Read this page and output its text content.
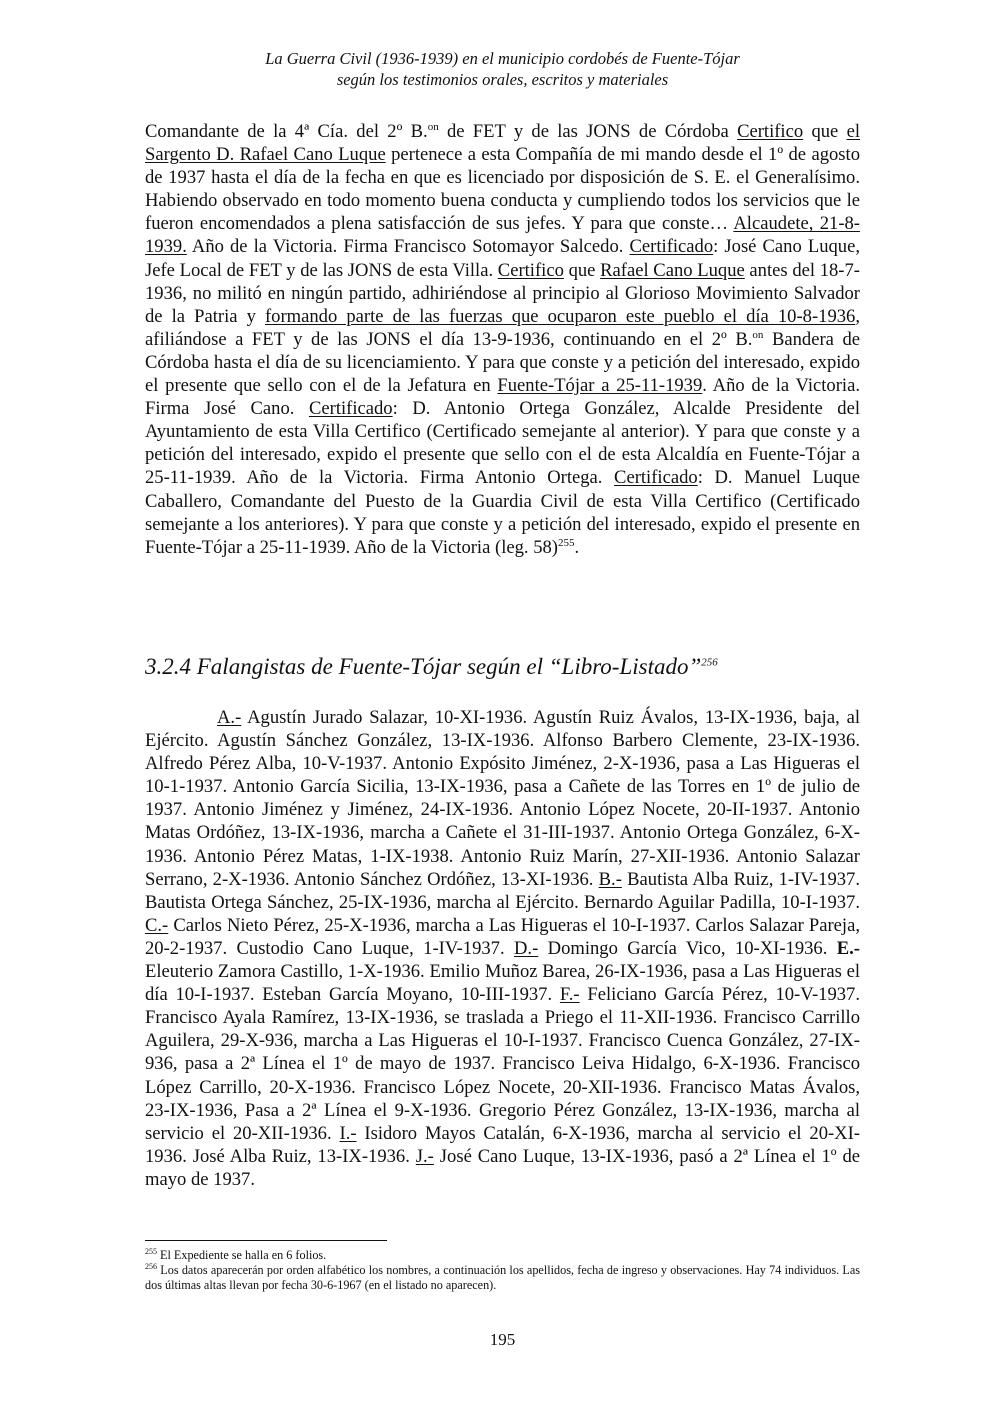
La Guerra Civil (1936-1939) en el municipio cordobés de Fuente-Tójar
según los testimonios orales, escritos y materiales

Comandante de la 4ª Cía. del 2º B.$^{on}$ de FET y de las JONS de Córdoba Certifico que el Sargento D. Rafael Cano Luque pertenece a esta Compañía de mi mando desde el 1º de agosto de 1937 hasta el día de la fecha en que es licenciado por disposición de S. E. el Generalísimo. Habiendo observado en todo momento buena conducta y cumpliendo todos los servicios que le fueron encomendados a plena satisfacción de sus jefes. Y para que conste… Alcaudete, 21-8-1939. Año de la Victoria. Firma Francisco Sotomayor Salcedo. Certificado: José Cano Luque, Jefe Local de FET y de las JONS de esta Villa. Certifico que Rafael Cano Luque antes del 18-7-1936, no militó en ningún partido, adhiriéndose al principio al Glorioso Movimiento Salvador de la Patria y formando parte de las fuerzas que ocuparon este pueblo el día 10-8-1936, afiliándose a FET y de las JONS el día 13-9-1936, continuando en el 2º B.$^{on}$ Bandera de Córdoba hasta el día de su licenciamiento. Y para que conste y a petición del interesado, expido el presente que sello con el de la Jefatura en Fuente-Tójar a 25-11-1939. Año de la Victoria. Firma José Cano. Certificado: D. Antonio Ortega González, Alcalde Presidente del Ayuntamiento de esta Villa Certifico (Certificado semejante al anterior). Y para que conste y a petición del interesado, expido el presente que sello con el de esta Alcaldía en Fuente-Tójar a 25-11-1939. Año de la Victoria. Firma Antonio Ortega. Certificado: D. Manuel Luque Caballero, Comandante del Puesto de la Guardia Civil de esta Villa Certifico (Certificado semejante a los anteriores). Y para que conste y a petición del interesado, expido el presente en Fuente-Tójar a 25-11-1939. Año de la Victoria (leg. 58)$^{255}$.

3.2.4 Falangistas de Fuente-Tójar según el “Libro-Listado”$^{256}$

A.- Agustín Jurado Salazar, 10-XI-1936. Agustín Ruiz Ávalos, 13-IX-1936, baja, al Ejército. Agustín Sánchez González, 13-IX-1936. Alfonso Barbero Clemente, 23-IX-1936. Alfredo Pérez Alba, 10-V-1937. Antonio Expósito Jiménez, 2-X-1936, pasa a Las Higueras el 10-1-1937. Antonio García Sicilia, 13-IX-1936, pasa a Cañete de las Torres en 1º de julio de 1937. Antonio Jiménez y Jiménez, 24-IX-1936. Antonio López Nocete, 20-II-1937. Antonio Matas Ordóñez, 13-IX-1936, marcha a Cañete el 31-III-1937. Antonio Ortega González, 6-X-1936. Antonio Pérez Matas, 1-IX-1938. Antonio Ruiz Marín, 27-XII-1936. Antonio Salazar Serrano, 2-X-1936. Antonio Sánchez Ordóñez, 13-XI-1936. B.- Bautista Alba Ruiz, 1-IV-1937. Bautista Ortega Sánchez, 25-IX-1936, marcha al Ejército. Bernardo Aguilar Padilla, 10-I-1937. C.- Carlos Nieto Pérez, 25-X-1936, marcha a Las Higueras el 10-I-1937. Carlos Salazar Pareja, 20-2-1937. Custodio Cano Luque, 1-IV-1937. D.- Domingo García Vico, 10-XI-1936. E.- Eleuterio Zamora Castillo, 1-X-1936. Emilio Muñoz Barea, 26-IX-1936, pasa a Las Higueras el día 10-I-1937. Esteban García Moyano, 10-III-1937. F.- Feliciano García Pérez, 10-V-1937. Francisco Ayala Ramírez, 13-IX-1936, se traslada a Priego el 11-XII-1936. Francisco Carrillo Aguilera, 29-X-936, marcha a Las Higueras el 10-I-1937. Francisco Cuenca González, 27-IX-936, pasa a 2ª Línea el 1º de mayo de 1937. Francisco Leiva Hidalgo, 6-X-1936. Francisco López Carrillo, 20-X-1936. Francisco López Nocete, 20-XII-1936. Francisco Matas Ávalos, 23-IX-1936, Pasa a 2ª Línea el 9-X-1936. Gregorio Pérez González, 13-IX-1936, marcha al servicio el 20-XII-1936. I.- Isidoro Mayos Catalán, 6-X-1936, marcha al servicio el 20-XI-1936. José Alba Ruiz, 13-IX-1936. J.- José Cano Luque, 13-IX-1936, pasó a 2ª Línea el 1º de mayo de 1937.

$^{255}$ El Expediente se halla en 6 folios.

$^{256}$ Los datos aparecerán por orden alfabético los nombres, a continuación los apellidos, fecha de ingreso y observaciones. Hay 74 individuos. Las dos últimas altas llevan por fecha 30-6-1967 (en el listado no aparecen).

195
